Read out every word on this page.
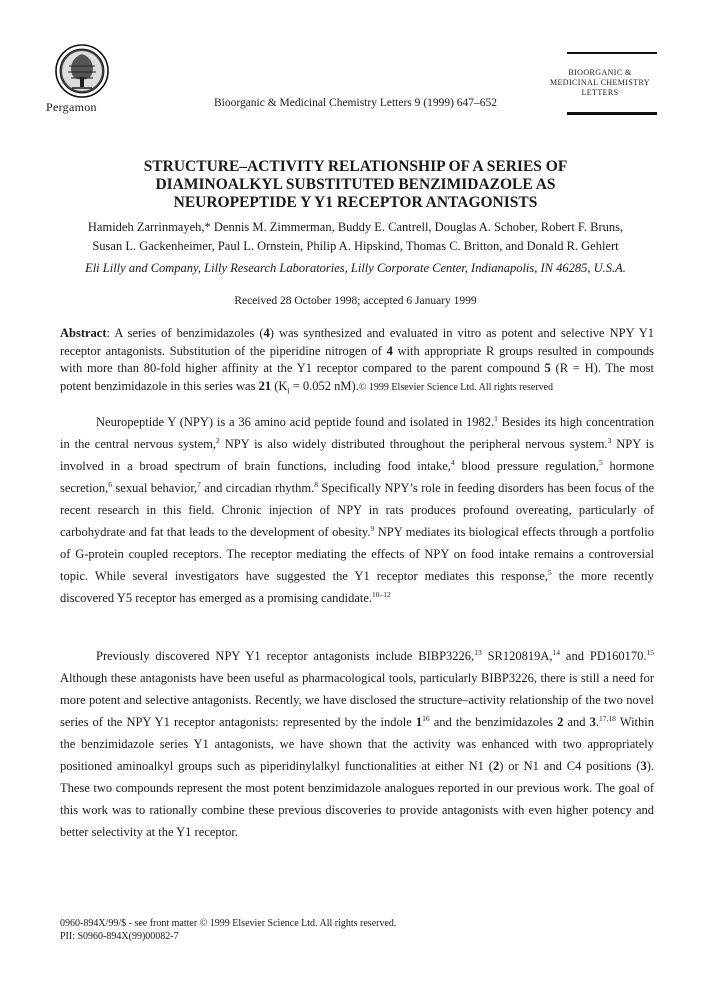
Pergamon	Bioorganic & Medicinal Chemistry Letters 9 (1999) 647–652
BIOORGANIC &
MEDICINAL CHEMISTRY
LETTERS
STRUCTURE–ACTIVITY RELATIONSHIP OF A SERIES OF
DIAMINOALKYL SUBSTITUTED BENZIMIDAZOLE AS
NEUROPEPTIDE Y Y1 RECEPTOR ANTAGONISTS
Hamideh Zarrinmayeh,* Dennis M. Zimmerman, Buddy E. Cantrell, Douglas A. Schober, Robert F. Bruns,
Susan L. Gackenheimer, Paul L. Ornstein, Philip A. Hipskind, Thomas C. Britton, and Donald R. Gehlert
Eli Lilly and Company, Lilly Research Laboratories, Lilly Corporate Center, Indianapolis, IN 46285, U.S.A.
Received 28 October 1998; accepted 6 January 1999
Abstract: A series of benzimidazoles (4) was synthesized and evaluated in vitro as potent and selective NPY Y1 receptor antagonists. Substitution of the piperidine nitrogen of 4 with appropriate R groups resulted in compounds with more than 80-fold higher affinity at the Y1 receptor compared to the parent compound 5 (R = H). The most potent benzimidazole in this series was 21 ($K_i = 0.052$ nM).© 1999 Elsevier Science Ltd. All rights reserved

Neuropeptide Y (NPY) is a 36 amino acid peptide found and isolated in 1982.$^1$ Besides its high concentration in the central nervous system,$^2$ NPY is also widely distributed throughout the peripheral nervous system.$^3$ NPY is involved in a broad spectrum of brain functions, including food intake,$^4$ blood pressure regulation,$^5$ hormone secretion,$^6$ sexual behavior,$^7$ and circadian rhythm.$^8$ Specifically NPY’s role in feeding disorders has been focus of the recent research in this field. Chronic injection of NPY in rats produces profound overeating, particularly of carbohydrate and fat that leads to the development of obesity.$^9$ NPY mediates its biological effects through a portfolio of G-protein coupled receptors. The receptor mediating the effects of NPY on food intake remains a controversial topic. While several investigators have suggested the Y1 receptor mediates this response,$^5$ the more recently discovered Y5 receptor has emerged as a promising candidate.$^{10-12}$

Previously discovered NPY Y1 receptor antagonists include BIBP3226,13 SR120819A,$^{14}$ and PD160170.15 Although these antagonists have been useful as pharmacological tools, particularly BIBP3226, there is still a need for more potent and selective antagonists. Recently, we have disclosed the structure–activity relationship of the two novel series of the NPY Y1 receptor antagonists: represented by the indole $1^{16}$ and the benzimidazoles 2 and 3.$^{17,18}$ Within the benzimidazole series Y1 antagonists, we have shown that the activity was enhanced with two appropriately positioned aminoalkyl groups such as piperidinylalkyl functionalities at either N1 (2) or N1 and C4 positions (3). These two compounds represent the most potent benzimidazole analogues reported in our previous work. The goal of this work was to rationally combine these previous discoveries to provide antagonists with even higher potency and better selectivity at the Y1 receptor.

0960-894X/99/$ - see front matter © 1999 Elsevier Science Ltd. All rights reserved.
PII: S0960-894X(99)00082-7
